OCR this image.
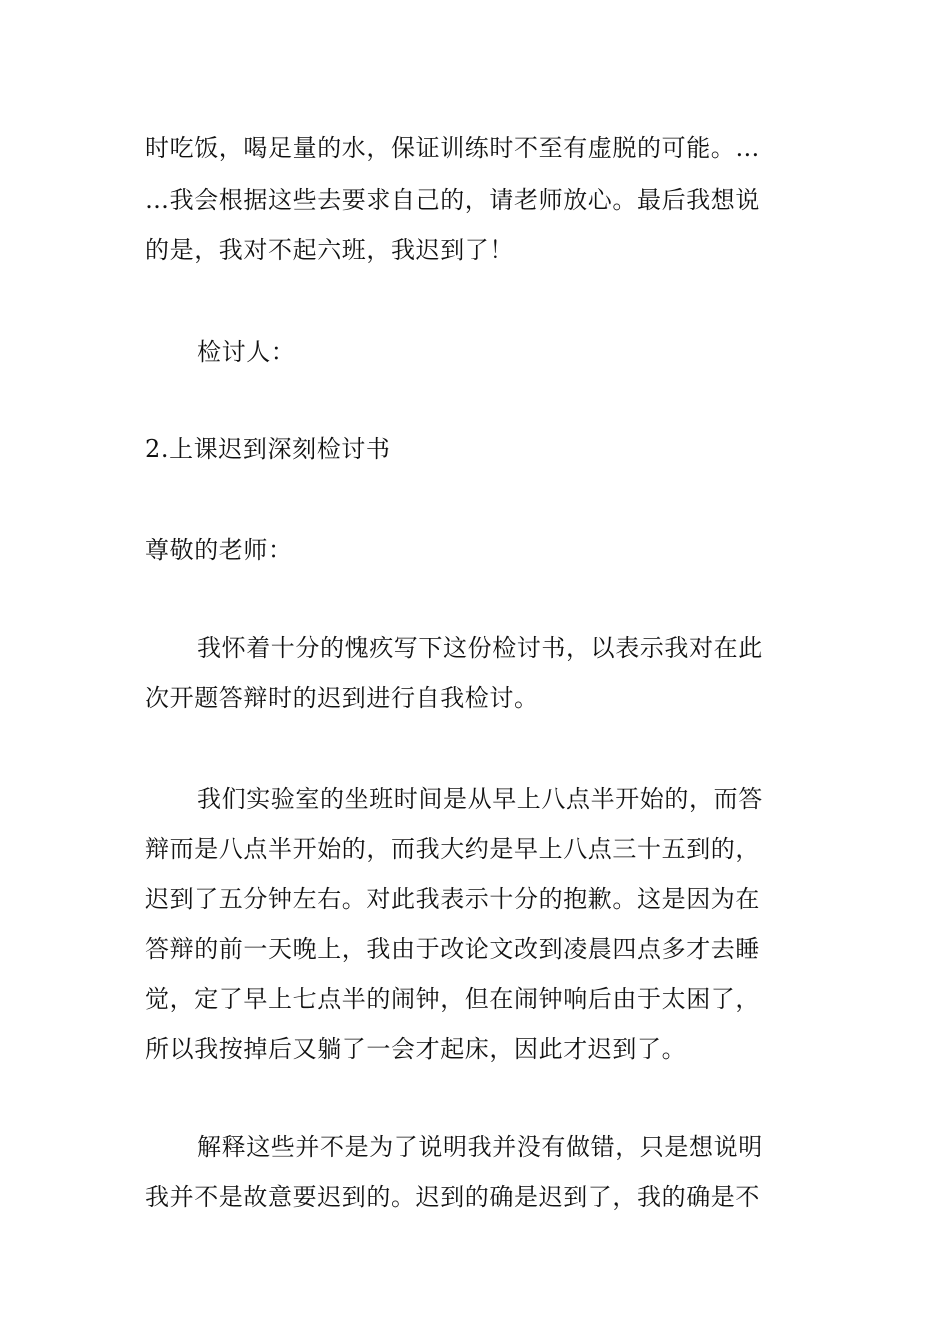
时吃饭，喝足量的水，保证训练时不至有虚脱的可能。…
…我会根据这些去要求自己的，请老师放心。最后我想说
的是，我对不起六班，我迟到了！
检讨人：
2.上课迟到深刻检讨书
尊敬的老师：
我怀着十分的愧疚写下这份检讨书，以表示我对在此
次开题答辩时的迟到进行自我检讨。
我们实验室的坐班时间是从早上八点半开始的，而答
辩而是八点半开始的，而我大约是早上八点三十五到的，
迟到了五分钟左右。对此我表示十分的抱歉。这是因为在
答辩的前一天晚上，我由于改论文改到凌晨四点多才去睡
觉，定了早上七点半的闹钟，但在闹钟响后由于太困了，
所以我按掉后又躺了一会才起床，因此才迟到了。
解释这些并不是为了说明我并没有做错，只是想说明
我并不是故意要迟到的。迟到的确是迟到了，我的确是不
